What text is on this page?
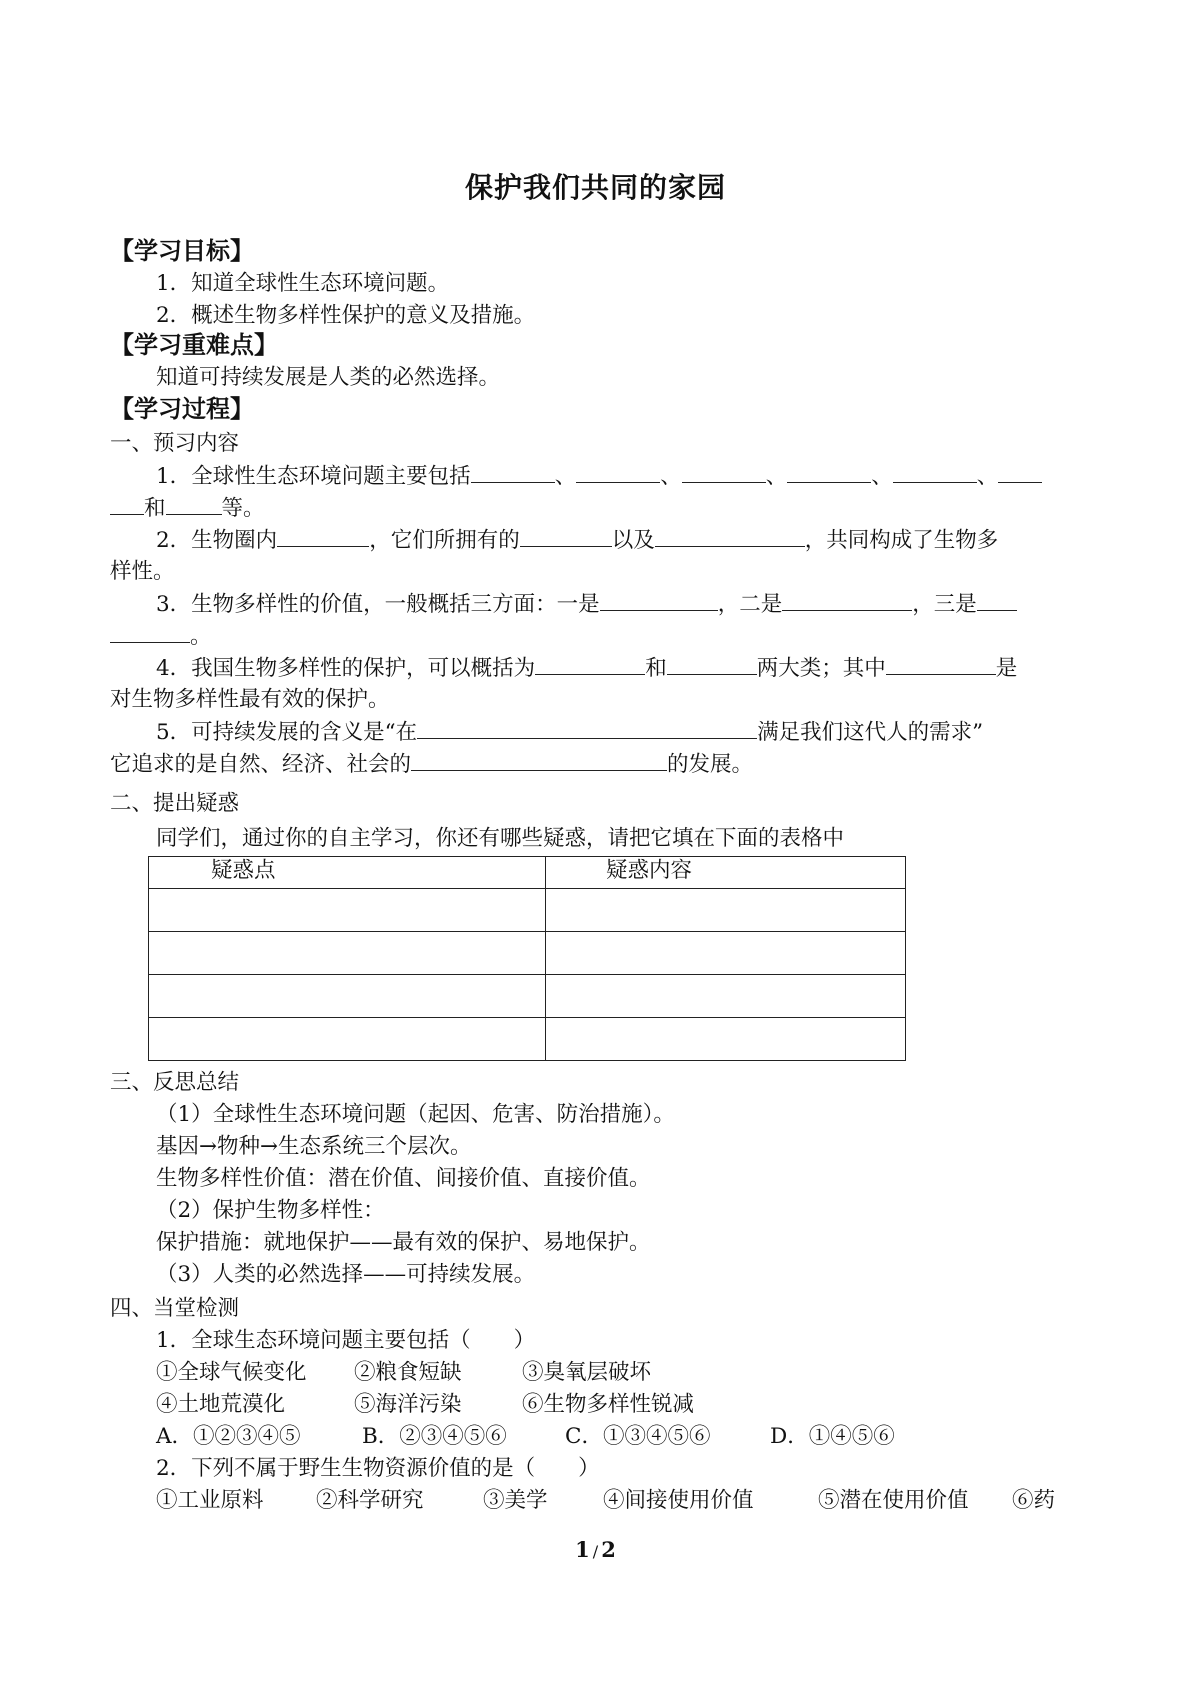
保护我们共同的家园
【学习目标】
1．知道全球性生态环境问题。
2．概述生物多样性保护的意义及措施。
【学习重难点】
知道可持续发展是人类的必然选择。
【学习过程】
一、预习内容
1．全球性生态环境问题主要包括	、	、	、	、	、
和	等。
2．生物圈内	，它们所拥有的	以及	，共同构成了生物多
样性。
3．生物多样性的价值，一般概括三方面：一是	，二是	，三是
。
4．我国生物多样性的保护，可以概括为	和	两大类；其中	是
对生物多样性最有效的保护。
5．可持续发展的含义是“在	满足我们这代人的需求”
它追求的是自然、经济、社会的	的发展。
二、提出疑惑
同学们，通过你的自主学习，你还有哪些疑惑，请把它填在下面的表格中
疑惑点	疑惑内容

三、反思总结
（1）全球性生态环境问题（起因、危害、防治措施）。
基因→物种→生态系统三个层次。
生物多样性价值：潜在价值、间接价值、直接价值。
（2）保护生物多样性：
保护措施：就地保护——最有效的保护、易地保护。
（3）人类的必然选择——可持续发展。
四、当堂检测
1．全球生态环境问题主要包括（　　）
①全球气候变化 ②粮食短缺	③臭氧层破坏
④土地荒漠化	⑤海洋污染	⑥生物多样性锐减
A．①②③④⑤	B．②③④⑤⑥	C．①③④⑤⑥	D．①④⑤⑥
2．下列不属于野生生物资源价值的是（　　）
①工业原料 ②科学研究	③美学	④间接使用价值	⑤潜在使用价值 ⑥药
1 / 2
